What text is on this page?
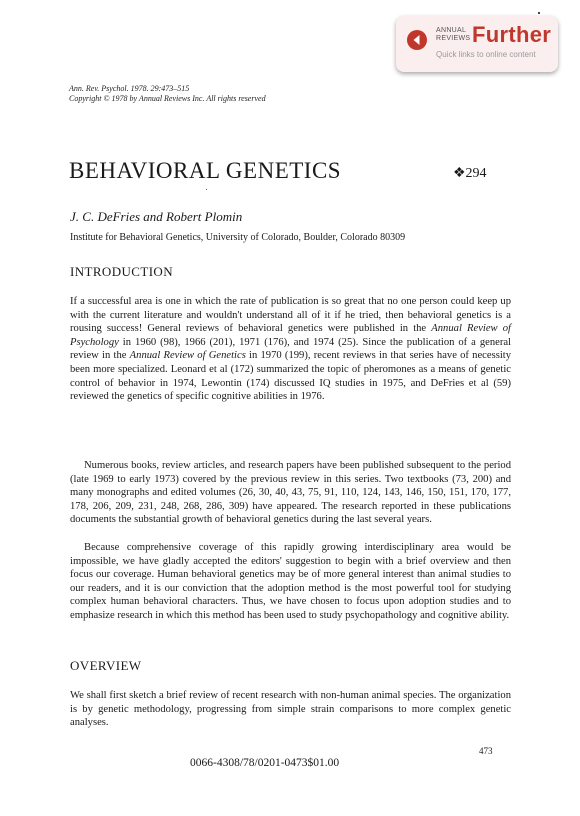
ANNUAL
REVIEWS Further
Quick links to online content
Ann. Rev. Psychol. 1978. 29:473–515
Copyright © 1978 by Annual Reviews Inc. All rights reserved
BEHAVIORAL GENETICS	❖294
J. C. DeFries and Robert Plomin
Institute for Behavioral Genetics, University of Colorado, Boulder, Colorado 80309
INTRODUCTION

If a successful area is one in which the rate of publication is so great that no one person could keep up with the current literature and wouldn't understand all of it if he tried, then behavioral genetics is a rousing success! General reviews of behavioral genetics were published in the Annual Review of Psychology in 1960 (98), 1966 (201), 1971 (176), and 1974 (25). Since the publication of a general review in the Annual Review of Genetics in 1970 (199), recent reviews in that series have of necessity been more specialized. Leonard et al (172) summarized the topic of pheromones as a means of genetic control of behavior in 1974, Lewontin (174) discussed IQ studies in 1975, and DeFries et al (59) reviewed the genetics of specific cognitive abilities in 1976.

Numerous books, review articles, and research papers have been published subsequent to the period (late 1969 to early 1973) covered by the previous review in this series. Two textbooks (73, 200) and many monographs and edited volumes (26, 30, 40, 43, 75, 91, 110, 124, 143, 146, 150, 151, 170, 177, 178, 206, 209, 231, 248, 268, 286, 309) have appeared. The research reported in these publications documents the substantial growth of behavioral genetics during the last several years.

Because comprehensive coverage of this rapidly growing interdisciplinary area would be impossible, we have gladly accepted the editors' suggestion to begin with a brief overview and then focus our coverage. Human behavioral genetics may be of more general interest than animal studies to our readers, and it is our conviction that the adoption method is the most powerful tool for studying complex human behavioral characters. Thus, we have chosen to focus upon adoption studies and to emphasize research in which this method has been used to study psychopathology and cognitive ability.

OVERVIEW

We shall first sketch a brief review of recent research with non-human animal species. The organization is by genetic methodology, progressing from simple strain comparisons to more complex genetic analyses.

473
0066-4308/78/0201-0473$01.00
